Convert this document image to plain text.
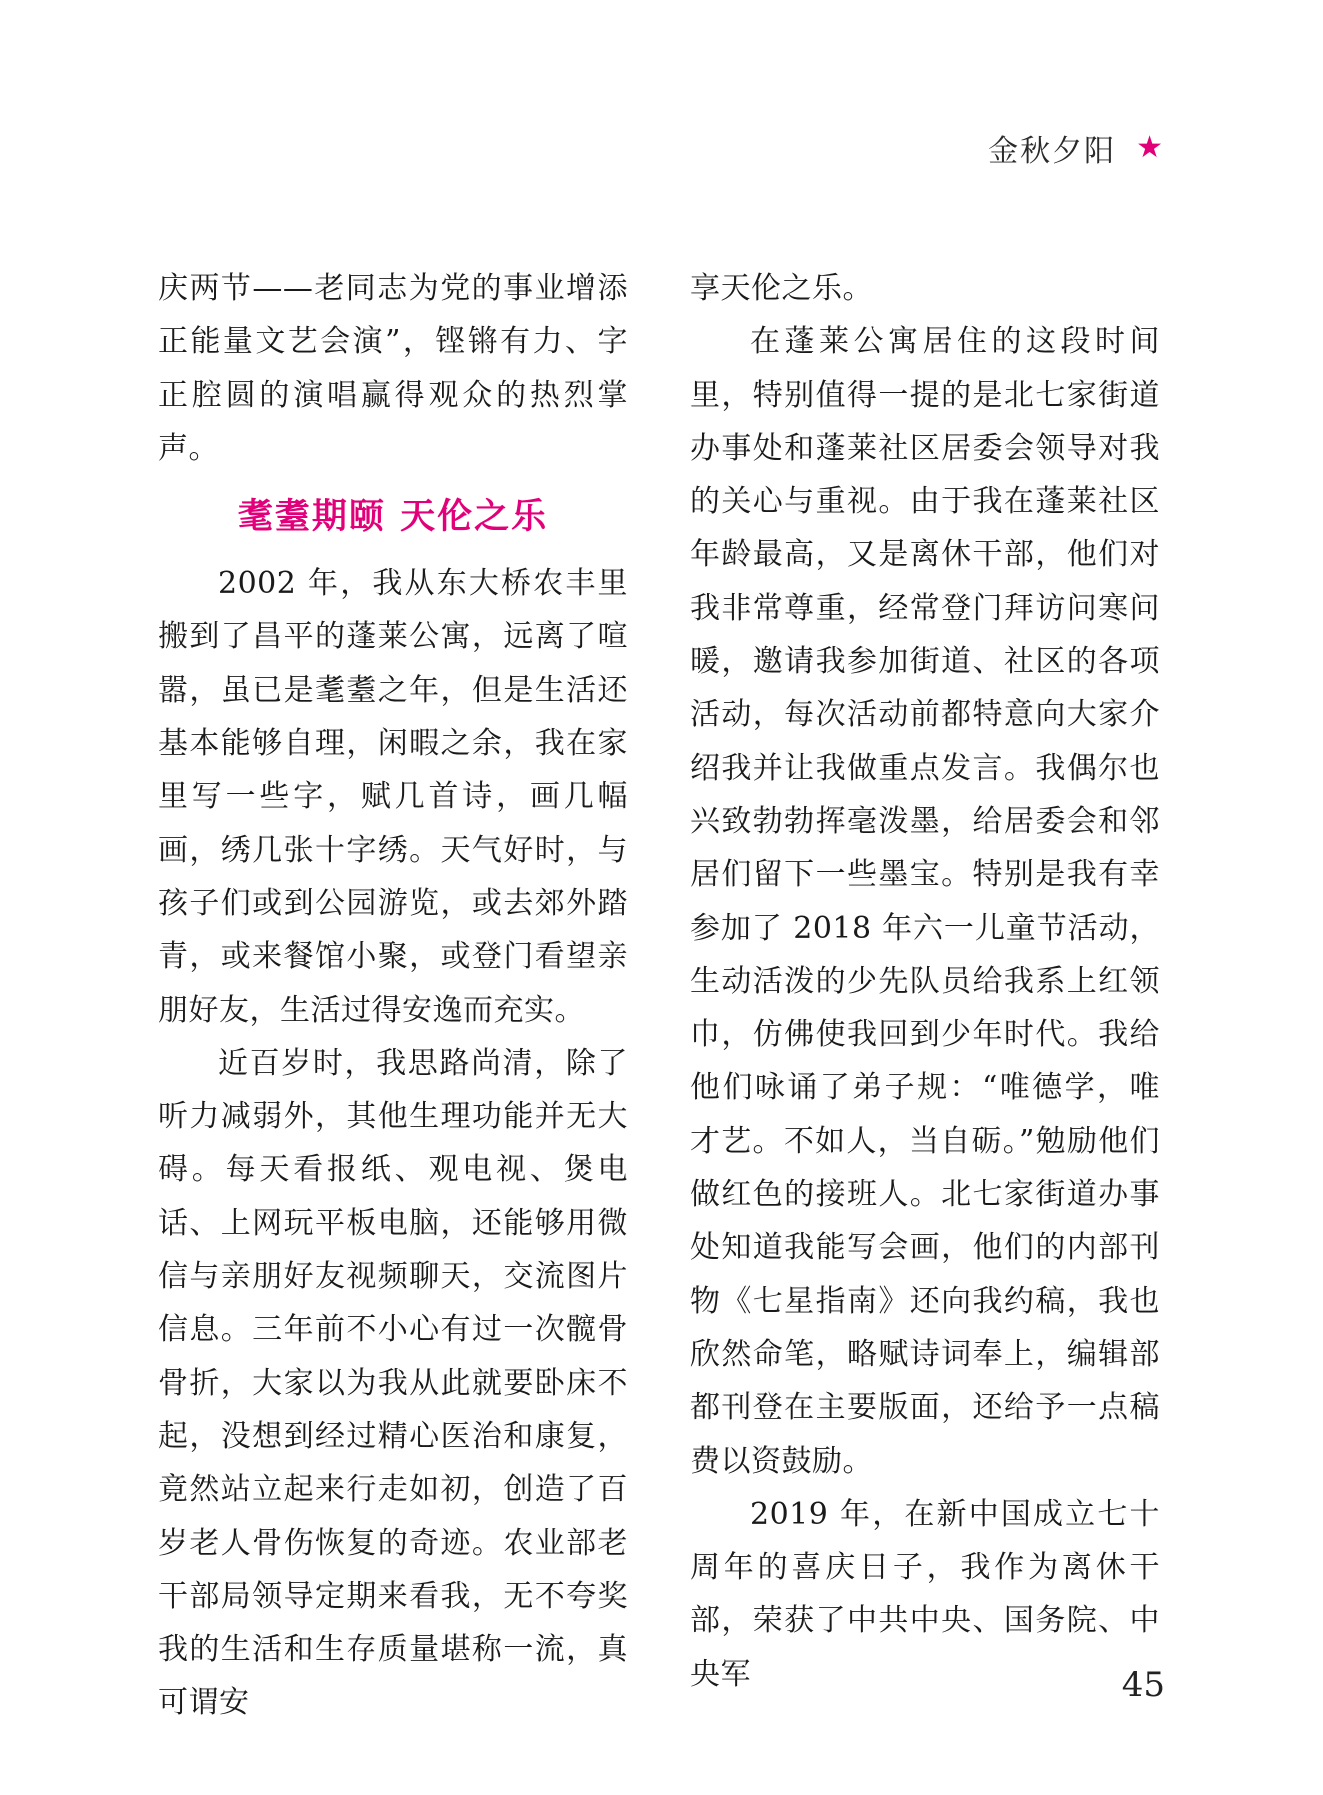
金秋夕阳 ★

庆两节——老同志为党的事业增添正能量文艺会演”，铿锵有力、字正腔圆的演唱赢得观众的热烈掌声。

耄耋期颐 天伦之乐

2002 年，我从东大桥农丰里搬到了昌平的蓬莱公寓，远离了喧嚣，虽已是耄耋之年，但是生活还基本能够自理，闲暇之余，我在家里写一些字，赋几首诗，画几幅画，绣几张十字绣。天气好时，与孩子们或到公园游览，或去郊外踏青，或来餐馆小聚，或登门看望亲朋好友，生活过得安逸而充实。

近百岁时，我思路尚清，除了听力减弱外，其他生理功能并无大碍。每天看报纸、观电视、煲电话、上网玩平板电脑，还能够用微信与亲朋好友视频聊天，交流图片信息。三年前不小心有过一次髋骨骨折，大家以为我从此就要卧床不起，没想到经过精心医治和康复，竟然站立起来行走如初，创造了百岁老人骨伤恢复的奇迹。农业部老干部局领导定期来看我，无不夸奖我的生活和生存质量堪称一流，真可谓安

享天伦之乐。

在蓬莱公寓居住的这段时间里，特别值得一提的是北七家街道办事处和蓬莱社区居委会领导对我的关心与重视。由于我在蓬莱社区年龄最高，又是离休干部，他们对我非常尊重，经常登门拜访问寒问暖，邀请我参加街道、社区的各项活动，每次活动前都特意向大家介绍我并让我做重点发言。我偶尔也兴致勃勃挥毫泼墨，给居委会和邻居们留下一些墨宝。特别是我有幸参加了 2018 年六一儿童节活动，生动活泼的少先队员给我系上红领巾，仿佛使我回到少年时代。我给他们咏诵了弟子规：“唯德学，唯才艺。不如人，当自砺。”勉励他们做红色的接班人。北七家街道办事处知道我能写会画，他们的内部刊物《七星指南》还向我约稿，我也欣然命笔，略赋诗词奉上，编辑部都刊登在主要版面，还给予一点稿费以资鼓励。

2019 年，在新中国成立七十周年的喜庆日子，我作为离休干部，荣获了中共中央、国务院、中央军	45
